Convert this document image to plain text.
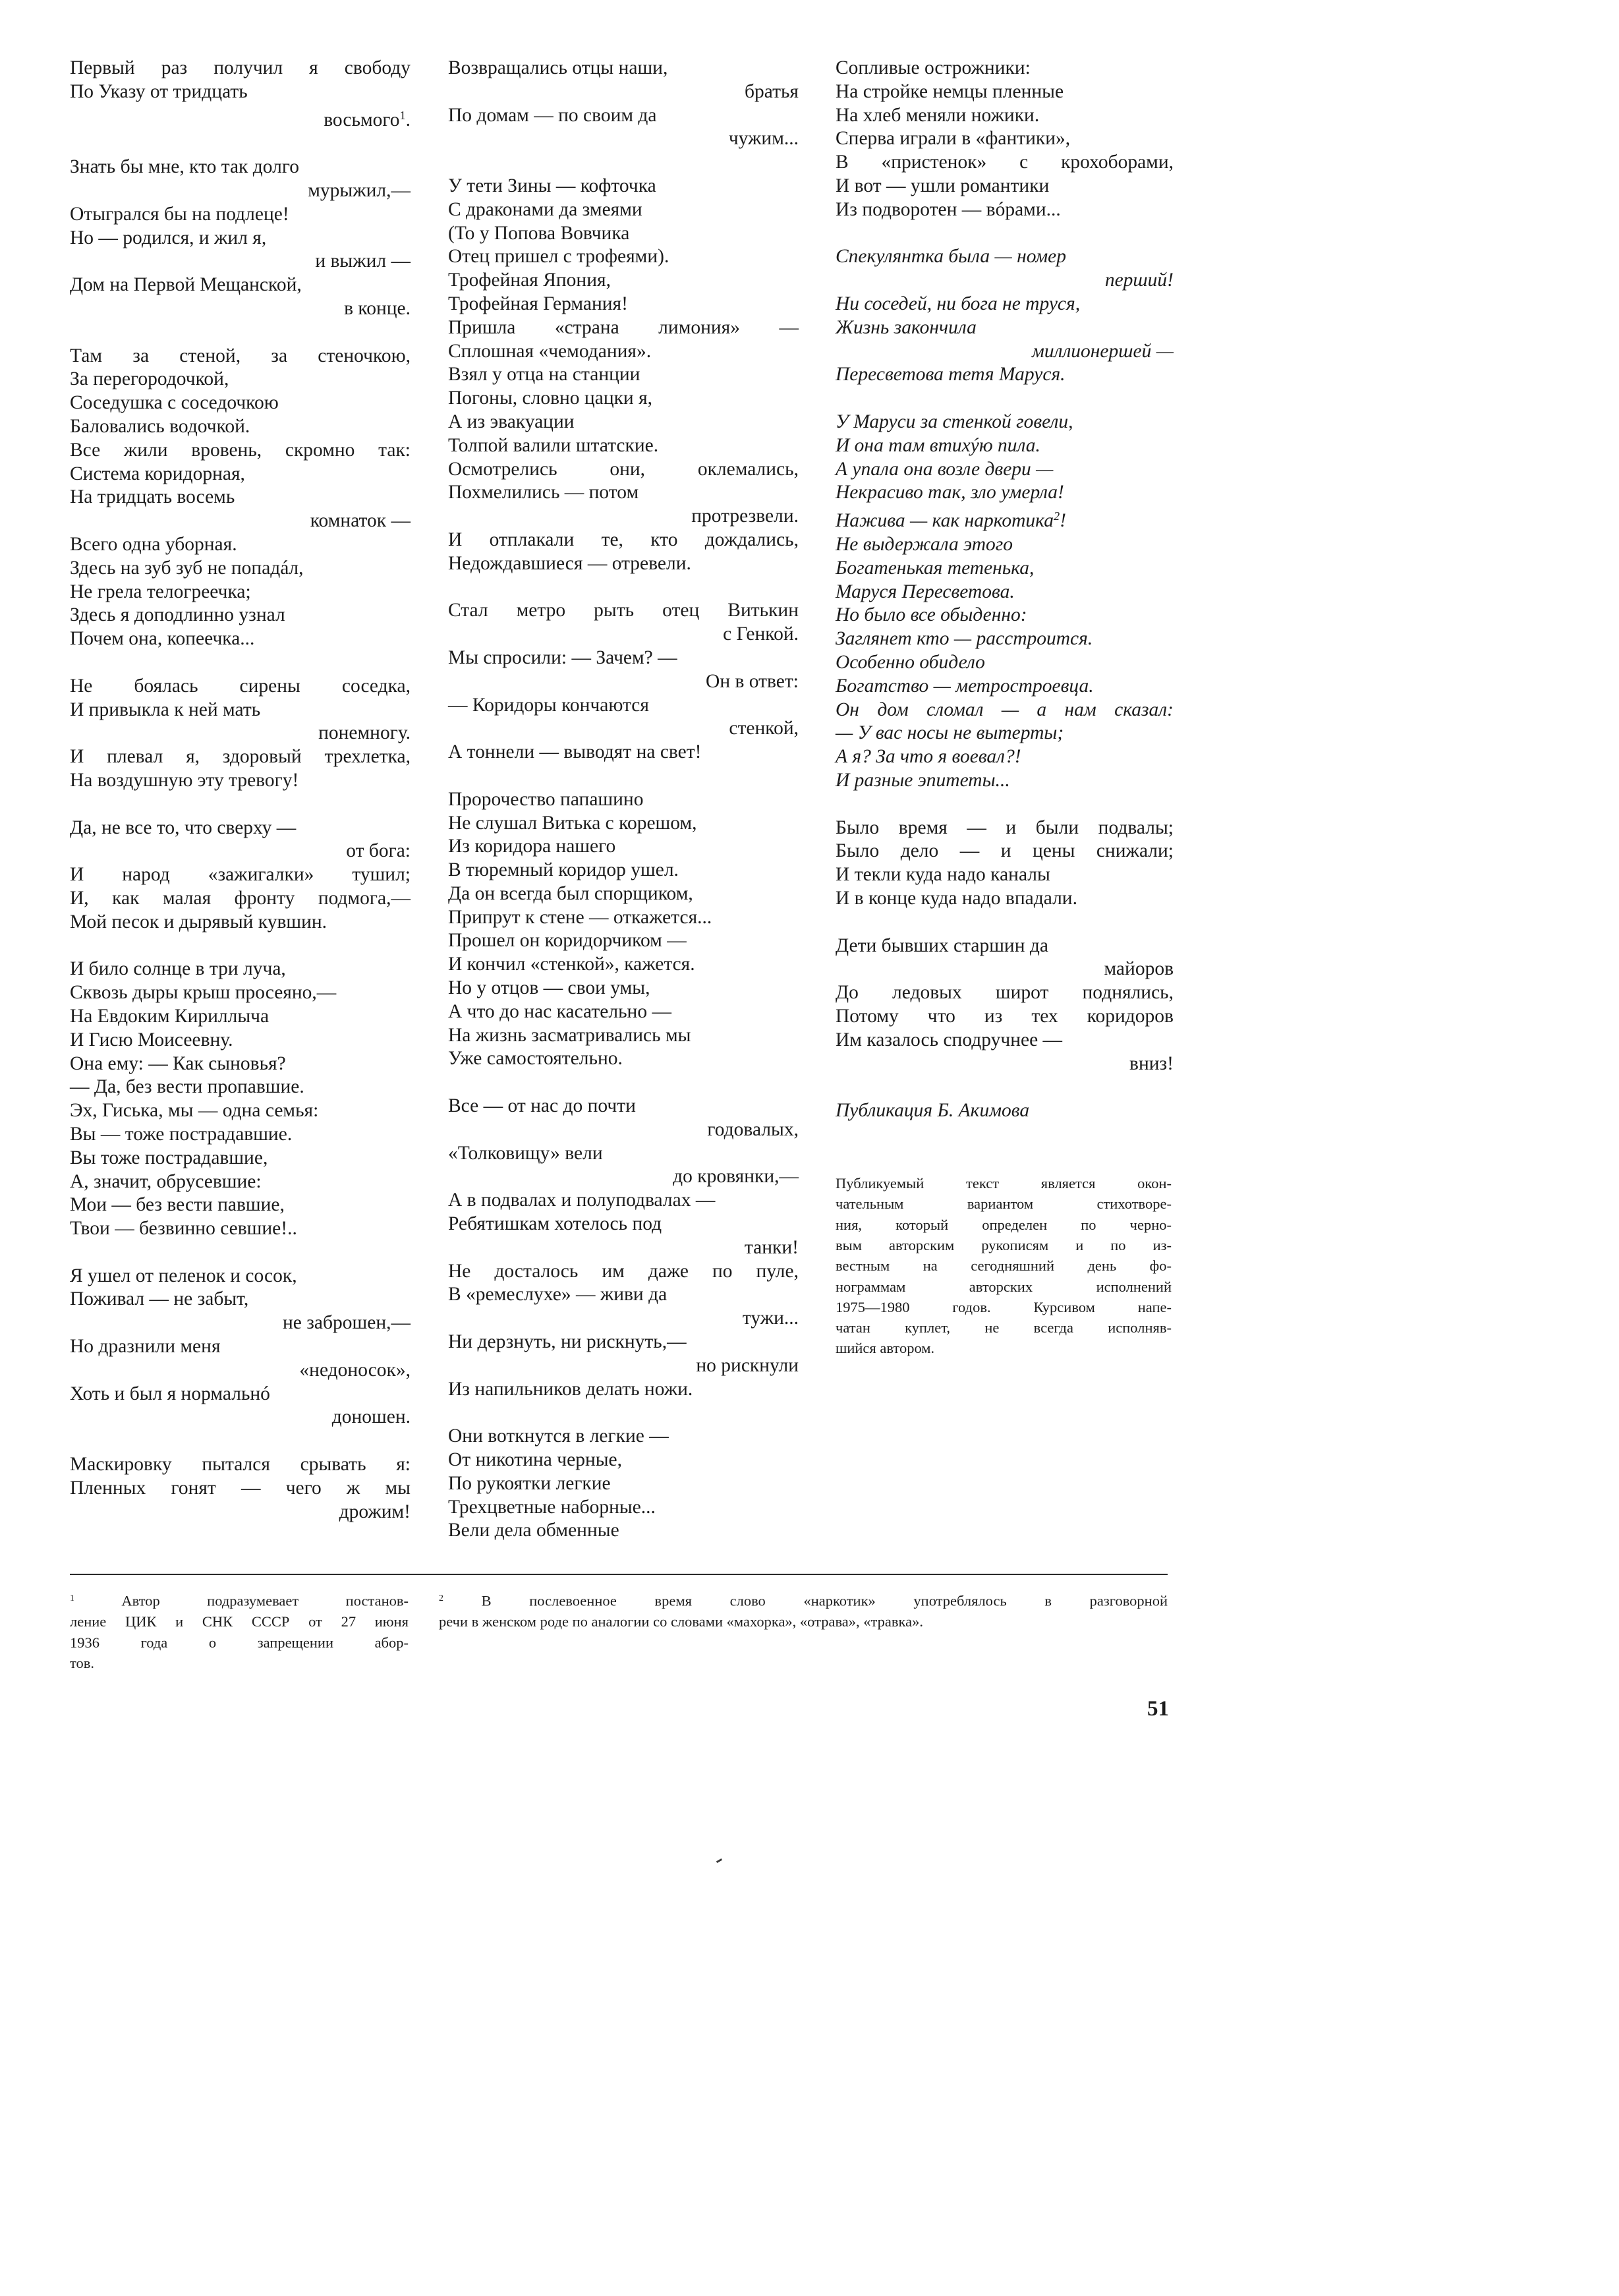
Первый раз получил я свободу
По Указу от тридцать
восьмого$^1$.
Знать бы мне, кто так долго
мурыжил,—
Отыгрался бы на подлеце!
Но — родился, и жил я,
и выжил —
Дом на Первой Мещанской,
в конце.
Там за стеной, за стеночкою,
За перегородочкой,
Соседушка с соседочкою
Баловались водочкой.
Все жили вровень, скромно так:
Система коридорная,
На тридцать восемь
комнаток —
Всего одна уборная.
Здесь на зуб зуб не попадáл,
Не грела телогреечка;
Здесь я доподлинно узнал
Почем она, копеечка...
Не боялась сирены соседка,
И привыкла к ней мать
понемногу.
И плевал я, здоровый трехлетка,
На воздушную эту тревогу!
Да, не все то, что сверху —
от бога:
И народ «зажигалки» тушил;
И, как малая фронту подмога,—
Мой песок и дырявый кувшин.
И било солнце в три луча,
Сквозь дыры крыш просеяно,—
На Евдоким Кириллыча
И Гисю Моисеевну.
Она ему: — Как сыновья?
— Да, без вести пропавшие.
Эх, Гиська, мы — одна семья:
Вы — тоже пострадавшие.
Вы тоже пострадавшие,
А, значит, обрусевшие:
Мои — без вести павшие,
Твои — безвинно севшие!..
Я ушел от пеленок и сосок,
Поживал — не забыт,
не заброшен,—
Но дразнили меня
«недоносок»,
Хоть и был я нормальнó
доношен.
Маскировку пытался срывать я:
Пленных гонят — чего ж мы
дрожим!
Возвращались отцы наши,
братья
По домам — по своим да
чужим...
У тети Зины — кофточка
С драконами да змеями
(То у Попова Вовчика
Отец пришел с трофеями).
Трофейная Япония,
Трофейная Германия!
Пришла «страна лимония» —
Сплошная «чемодания».
Взял у отца на станции
Погоны, словно цацки я,
А из эвакуации
Толпой валили штатские.
Осмотрелись они, оклемались,
Похмелились — потом
протрезвели.
И отплакали те, кто дождались,
Недождавшиеся — отревели.
Стал метро рыть отец Витькин
с Генкой.
Мы спросили: — Зачем? —
Он в ответ:
— Коридоры кончаются
стенкой,
А тоннели — выводят на свет!
Пророчество папашино
Не слушал Витька с корешом,
Из коридора нашего
В тюремный коридор ушел.
Да он всегда был спорщиком,
Припрут к стене — откажется...
Прошел он коридорчиком —
И кончил «стенкой», кажется.
Но у отцов — свои умы,
А что до нас касательно —
На жизнь засматривались мы
Уже самостоятельно.
Все — от нас до почти
годовалых,
«Толковищу» вели
до кровянки,—
А в подвалах и полуподвалах —
Ребятишкам хотелось под
танки!
Не досталось им даже по пуле,
В «ремеслухе» — живи да
тужи...
Ни дерзнуть, ни рискнуть,—
но рискнули
Из напильников делать ножи.
Они воткнутся в легкие —
От никотина черные,
По рукоятки легкие
Трехцветные наборные...
Вели дела обменные
Сопливые острожники:
На стройке немцы пленные
На хлеб меняли ножики.
Сперва играли в «фантики»,
В «пристенок» с крохоборами,
И вот — ушли романтики
Из подворотен — вóрами...
Спекулянтка была — номер
перший!
Ни соседей, ни бога не труся,
Жизнь закончила
миллионершей —
Пересветова тетя Маруся.
У Маруси за стенкой говели,
И она там втихýю пила.
А упала она возле двери —
Некрасиво так, зло умерла!
Нажива — как наркотика$^2$!
Не выдержала этого
Богатенькая тетенька,
Маруся Пересветова.
Но было все обыденно:
Заглянет кто — расстроится.
Особенно обидело
Богатство — метростроевца.
Он дом сломал — а нам сказал:
— У вас носы не вытерты;
А я? За что я воевал?!
И разные эпитеты...
Было время — и были подвалы;
Было дело — и цены снижали;
И текли куда надо каналы
И в конце куда надо впадали.
Дети бывших старшин да
майоров
До ледовых широт поднялись,
Потому что из тех коридоров
Им казалось сподручнее —
вниз!
Публикация Б. Акимова
Публикуемый текст является окон-
чательным вариантом стихотворе-
ния, который определен по черно-
вым авторским рукописям и по из-
вестным на сегодняшний день фо-
нограммам авторских исполнений
1975—1980 годов. Курсивом напе-
чатан куплет, не всегда исполняв-
шийся автором.
$^1$	Автор подразумевает постанов-
ление ЦИК и СНК СССР от 27 июня
1936 года о запрещении абор-
тов.
$^2$	В послевоенное время слово «наркотик» употреблялось в разговорной
речи в женском роде по аналогии со словами «махорка», «отрава», «травка».
51
